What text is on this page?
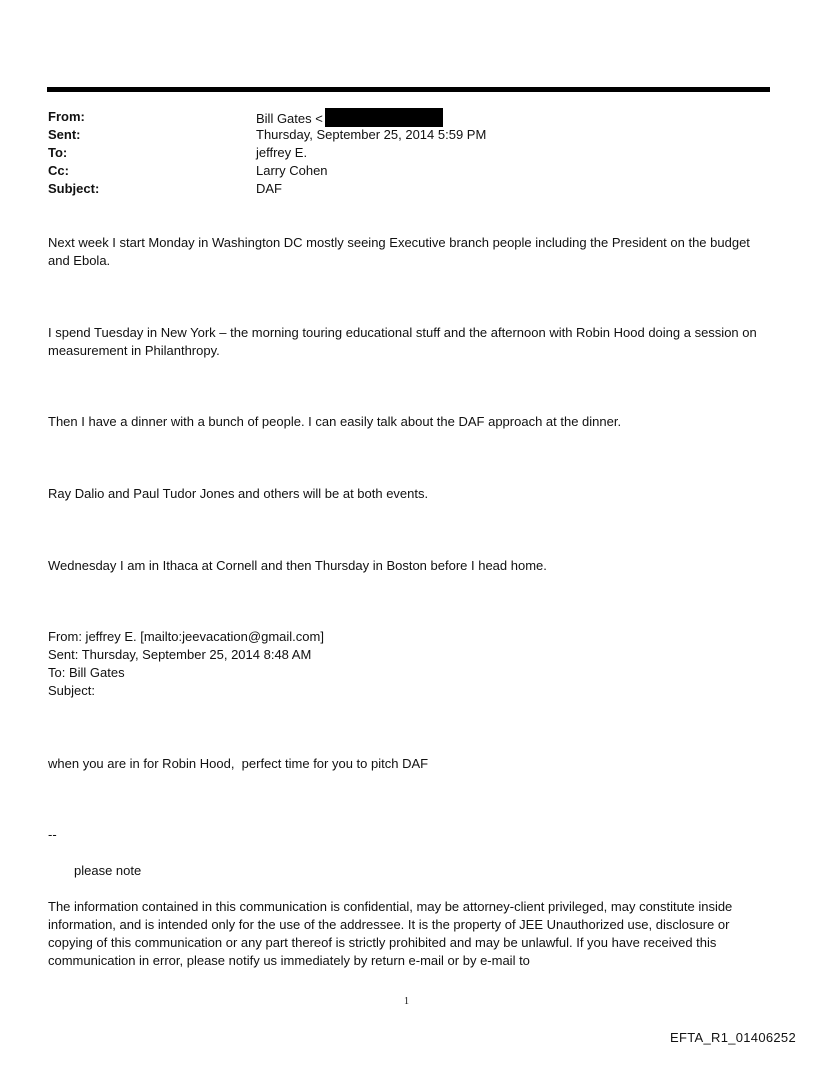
From:	Bill Gates <
Sent:	Thursday, September 25, 2014 5:59 PM
To:	jeffrey E.
Cc:	Larry Cohen
Subject:	DAF

Next week I start Monday in Washington DC mostly seeing Executive branch people including the President on the budget and Ebola.

I spend Tuesday in New York – the morning touring educational stuff and the afternoon with Robin Hood doing a session on measurement in Philanthropy.

Then I have a dinner with a bunch of people. I can easily talk about the DAF approach at the dinner.

Ray Dalio and Paul Tudor Jones and others will be at both events.

Wednesday I am in Ithaca at Cornell and then Thursday in Boston before I head home.

From: jeffrey E. [mailto:jeevacation@gmail.com]
Sent: Thursday, September 25, 2014 8:48 AM
To: Bill Gates
Subject:

when you are in for Robin Hood,  perfect time for you to pitch DAF

--

please note

The information contained in this communication is confidential, may be attorney-client privileged, may constitute inside information, and is intended only for the use of the addressee. It is the property of JEE Unauthorized use, disclosure or copying of this communication or any part thereof is strictly prohibited and may be unlawful. If you have received this communication in error, please notify us immediately by return e-mail or by e-mail to

1
EFTA_R1_01406252
